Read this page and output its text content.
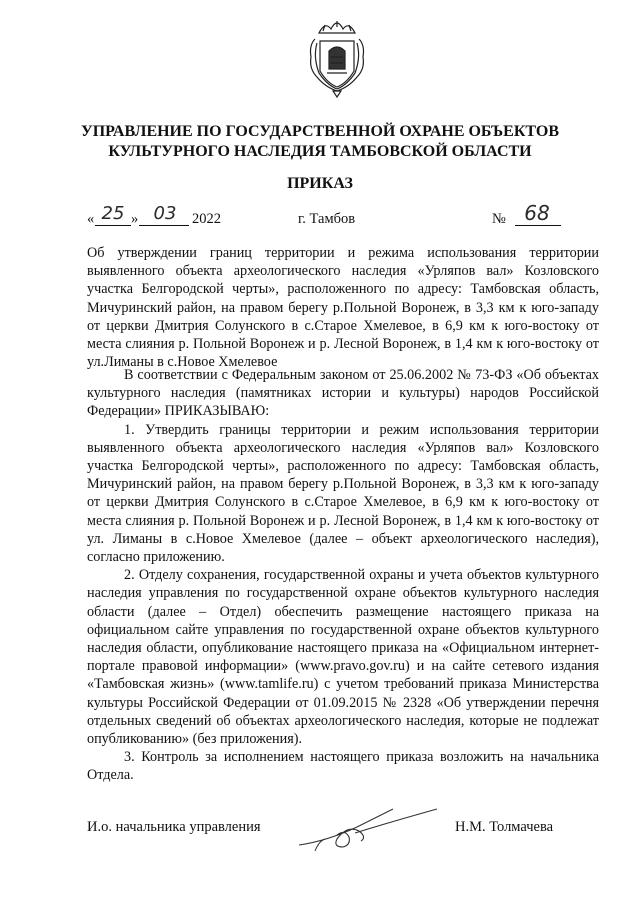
УПРАВЛЕНИЕ ПО ГОСУДАРСТВЕННОЙ ОХРАНЕ ОБЪЕКТОВ
КУЛЬТУРНОГО НАСЛЕДИЯ ТАМБОВСКОЙ ОБЛАСТИ
ПРИКАЗ
« 25 » 03	2022	г. Тамбов	№ 68
Об утверждении границ территории и режима использования территории выявленного объекта археологического наследия «Урляпов вал» Козловского участка Белгородской черты», расположенного по адресу: Тамбовская область, Мичуринский район, на правом берегу р.Польной Воронеж, в 3,3 км к юго-западу от церкви Дмитрия Солунского в с.Старое Хмелевое, в 6,9 км к юго-востоку от места слияния р. Польной Воронеж и р. Лесной Воронеж, в 1,4 км к юго-востоку от ул.Лиманы в с.Новое Хмелевое

В соответствии с Федеральным законом от 25.06.2002 № 73-ФЗ «Об объектах культурного наследия (памятниках истории и культуры) народов Российской Федерации» ПРИКАЗЫВАЮ:

1. Утвердить границы территории и режим использования территории выявленного объекта археологического наследия «Урляпов вал» Козловского участка Белгородской черты», расположенного по адресу: Тамбовская область, Мичуринский район, на правом берегу р.Польной Воронеж, в 3,3 км к юго-западу от церкви Дмитрия Солунского в с.Старое Хмелевое, в 6,9 км к юго-востоку от места слияния р. Польной Воронеж и р. Лесной Воронеж, в 1,4 км к юго-востоку от ул. Лиманы в с.Новое Хмелевое (далее – объект археологического наследия), согласно приложению.

2. Отделу сохранения, государственной охраны и учета объектов культурного наследия управления по государственной охране объектов культурного наследия области (далее – Отдел) обеспечить размещение настоящего приказа на официальном сайте управления по государственной охране объектов культурного наследия области, опубликование настоящего приказа на «Официальном интернет-портале правовой информации» (www.pravo.gov.ru) и на сайте сетевого издания «Тамбовская жизнь» (www.tamlife.ru) с учетом требований приказа Министерства культуры Российской Федерации от 01.09.2015 № 2328 «Об утверждении перечня отдельных сведений об объектах археологического наследия, которые не подлежат опубликованию» (без приложения).

3. Контроль за исполнением настоящего приказа возложить на начальника Отдела.

И.о. начальника управления	Н.М. Толмачева
